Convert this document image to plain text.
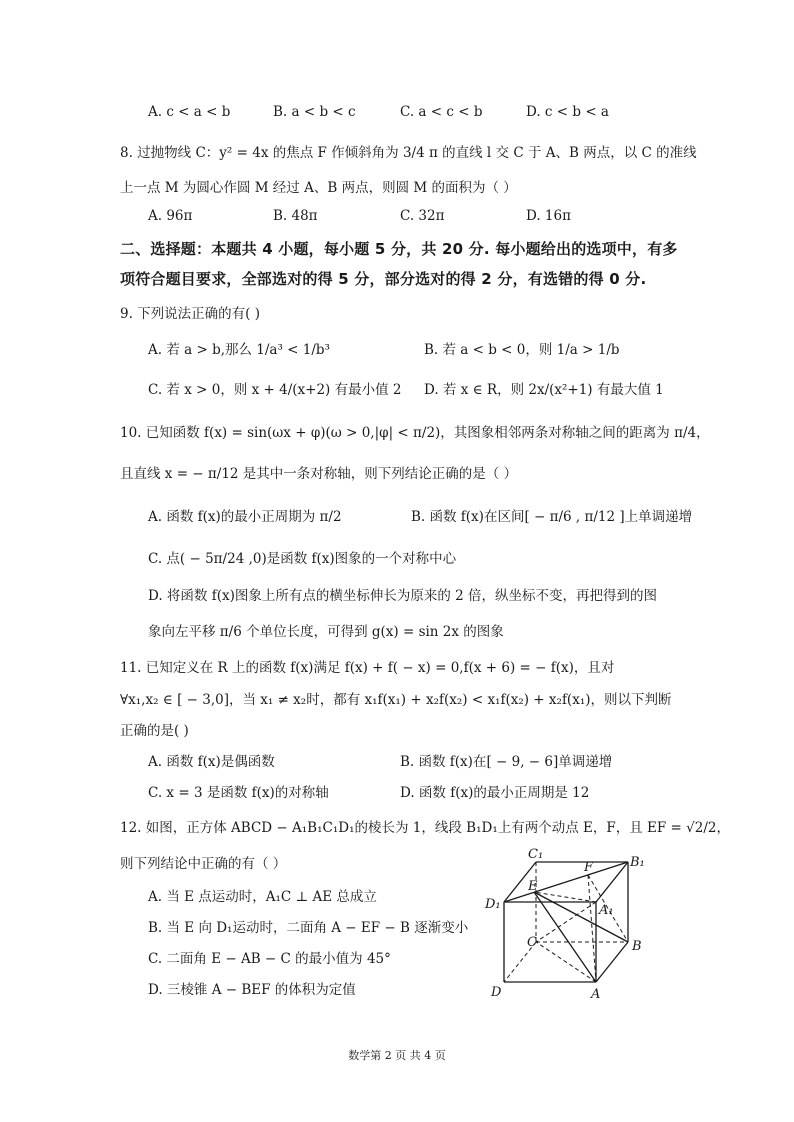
A. c < a < b	B. a < b < c	C. a < c < b	D. c < b < a
8. 过抛物线 C：y² = 4x 的焦点 F 作倾斜角为 3/4 π 的直线 l 交 C 于 A、B 两点，以 C 的准线
上一点 M 为圆心作圆 M 经过 A、B 两点，则圆 M 的面积为（ ）
A. 96π	B. 48π	C. 32π	D. 16π
二、选择题：本题共 4 小题，每小题 5 分，共 20 分. 每小题给出的选项中，有多
项符合题目要求，全部选对的得 5 分，部分选对的得 2 分，有选错的得 0 分.
9. 下列说法正确的有( )
A. 若 a > b,那么 1/a³ < 1/b³	B. 若 a < b < 0，则 1/a > 1/b
C. 若 x > 0，则 x + 4/(x+2) 有最小值 2 D. 若 x ∈ R，则 2x/(x²+1) 有最大值 1
10. 已知函数 f(x) = sin(ωx + φ)(ω > 0,|φ| < π/2)，其图象相邻两条对称轴之间的距离为 π/4，
且直线 x = − π/12 是其中一条对称轴，则下列结论正确的是（ ）
A. 函数 f(x)的最小正周期为 π/2	B. 函数 f(x)在区间[ − π/6 , π/12 ]上单调递增
C. 点( − 5π/24 ,0)是函数 f(x)图象的一个对称中心
D. 将函数 f(x)图象上所有点的横坐标伸长为原来的 2 倍，纵坐标不变，再把得到的图
象向左平移 π/6 个单位长度，可得到 g(x) = sin 2x 的图象
11. 已知定义在 R 上的函数 f(x)满足 f(x) + f( − x) = 0,f(x + 6) = − f(x)，且对
∀x₁,x₂ ∈ [ − 3,0]，当 x₁ ≠ x₂时，都有 x₁f(x₁) + x₂f(x₂) < x₁f(x₂) + x₂f(x₁)，则以下判断
正确的是( )
A. 函数 f(x)是偶函数	B. 函数 f(x)在[ − 9, − 6]单调递增
C. x = 3 是函数 f(x)的对称轴	D. 函数 f(x)的最小正周期是 12
12. 如图，正方体 ABCD − A₁B₁C₁D₁的棱长为 1，线段 B₁D₁上有两个动点 E，F，且 EF = √2/2，
则下列结论中正确的有（ ）
A. 当 E 点运动时，A₁C ⊥ AE 总成立
B. 当 E 向 D₁运动时，二面角 A − EF − B 逐渐变小
C. 二面角 E − AB − C 的最小值为 45°
D. 三棱锥 A − BEF 的体积为定值
C₁
F	B₁
E
D₁	A₁
C	B
D	A
数学第 2 页 共 4 页
